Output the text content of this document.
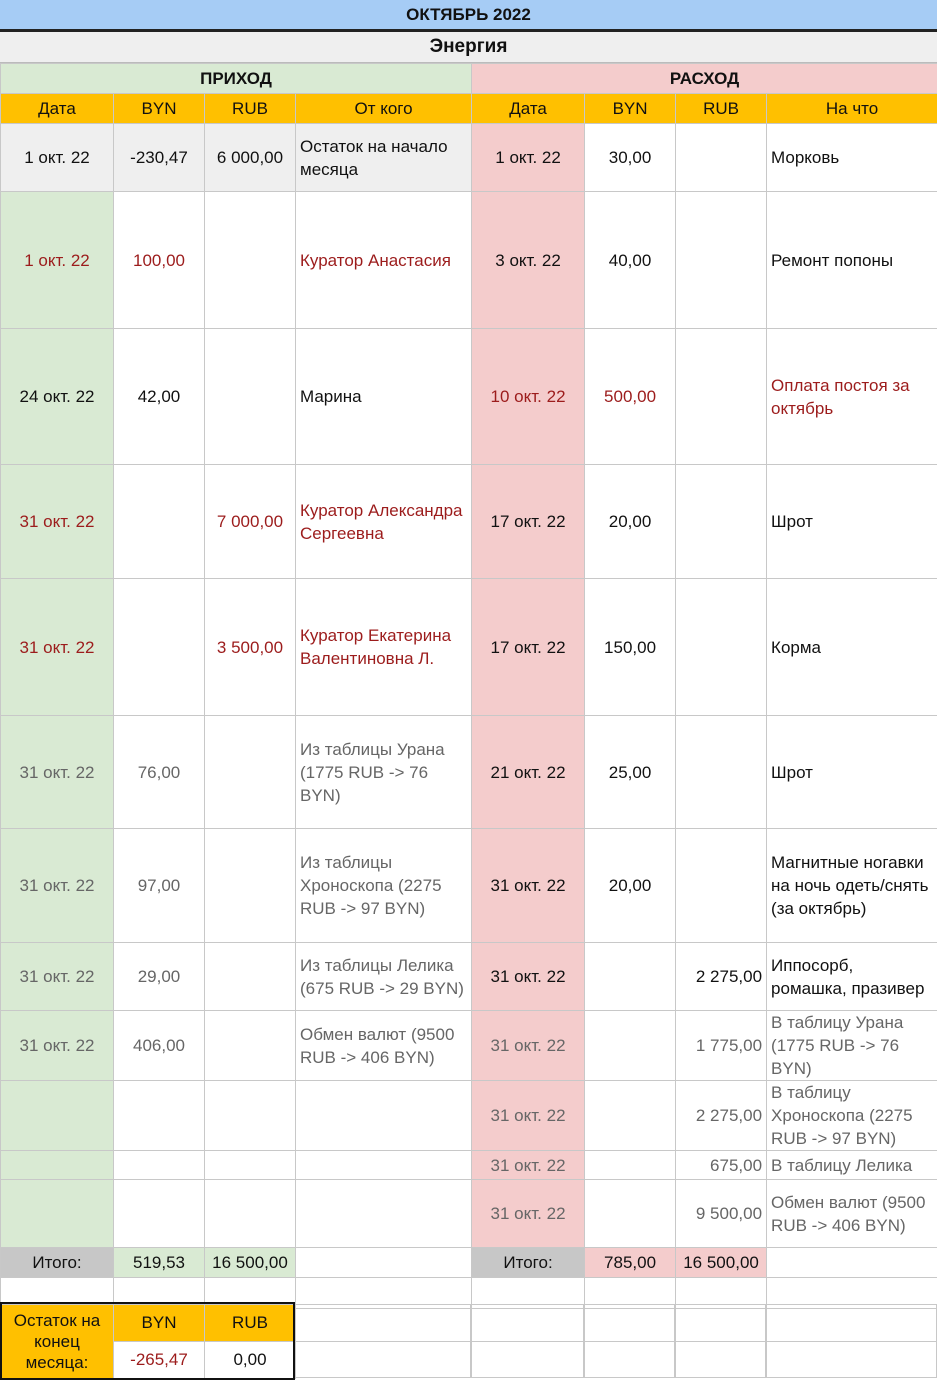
ОКТЯБРЬ 2022
Энергия
ПРИХОД				РАСХОД			
Дата	BYN	RUB	От кого	Дата	BYN	RUB	На что
1 окт. 22	-230,47	6 000,00	Остаток на начало месяца	1 окт. 22	30,00		Морковь
1 окт. 22	100,00		Куратор Анастасия	3 окт. 22	40,00		Ремонт попоны
24 окт. 22	42,00		Марина	10 окт. 22	500,00		Оплата постоя за октябрь
31 окт. 22		7 000,00	Куратор Александра Сергеевна	17 окт. 22	20,00		Шрот
31 окт. 22		3 500,00	Куратор Екатерина Валентиновна Л.	17 окт. 22	150,00		Корма
31 окт. 22	76,00		Из таблицы Урана (1775 RUB -> 76 BYN)	21 окт. 22	25,00		Шрот
31 окт. 22	97,00		Из таблицы Хроноскопа (2275 RUB -> 97 BYN)	31 окт. 22	20,00		Магнитные ногавки на ночь одеть/снять (за октябрь)
31 окт. 22	29,00		Из таблицы Лелика (675 RUB -> 29 BYN)	31 окт. 22		2 275,00	Иппосорб, ромашка, празивер
31 окт. 22	406,00		Обмен валют (9500 RUB -> 406 BYN)	31 окт. 22		1 775,00	В таблицу Урана (1775 RUB -> 76 BYN)
				31 окт. 22		2 275,00	В таблицу Хроноскопа (2275 RUB -> 97 BYN)
				31 окт. 22		675,00	В таблицу Лелика
				31 окт. 22		9 500,00	Обмен валют (9500 RUB -> 406 BYN)
Итого:	519,53	16 500,00		Итого:	785,00	16 500,00	

Остаток на конец месяца:	BYN	RUB
	-265,47	0,00
